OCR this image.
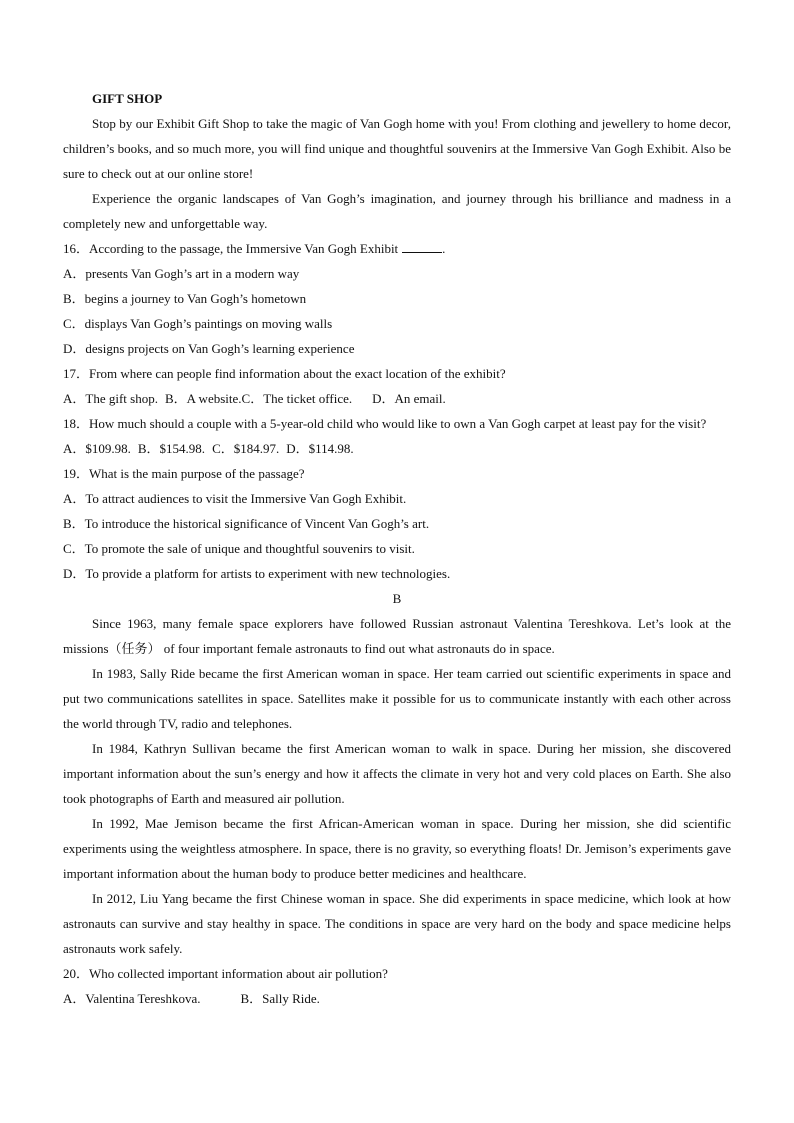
GIFT SHOP

Stop by our Exhibit Gift Shop to take the magic of Van Gogh home with you! From clothing and jewellery to home decor, children’s books, and so much more, you will find unique and thoughtful souvenirs at the Immersive Van Gogh Exhibit. Also be sure to check out at our online store!

Experience the organic landscapes of Van Gogh’s imagination, and journey through his brilliance and madness in a completely new and unforgettable way.

16．According to the passage, the Immersive Van Gogh Exhibit	.

A．presents Van Gogh’s art in a modern way

B．begins a journey to Van Gogh’s hometown

C．displays Van Gogh’s paintings on moving walls

D．designs projects on Van Gogh’s learning experience

17．From where can people find information about the exact location of the exhibit?

A．The gift shop. B．A website.C．The ticket office. D．An email.

18．How much should a couple with a 5-year-old child who would like to own a Van Gogh carpet at least pay for the visit?

A．$109.98. B．$154.98. C．$184.97. D．$114.98.

19．What is the main purpose of the passage?

A．To attract audiences to visit the Immersive Van Gogh Exhibit.

B．To introduce the historical significance of Vincent Van Gogh’s art.

C．To promote the sale of unique and thoughtful souvenirs to visit.

D．To provide a platform for artists to experiment with new technologies.

B

Since 1963, many female space explorers have followed Russian astronaut Valentina Tereshkova. Let’s look at the missions（任务） of four important female astronauts to find out what astronauts do in space.

In 1983, Sally Ride became the first American woman in space. Her team carried out scientific experiments in space and put two communications satellites in space. Satellites make it possible for us to communicate instantly with each other across the world through TV, radio and telephones.

In 1984, Kathryn Sullivan became the first American woman to walk in space. During her mission, she discovered important information about the sun’s energy and how it affects the climate in very hot and very cold places on Earth. She also took photographs of Earth and measured air pollution.

In 1992, Mae Jemison became the first African-American woman in space. During her mission, she did scientific experiments using the weightless atmosphere. In space, there is no gravity, so everything floats! Dr. Jemison’s experiments gave important information about the human body to produce better medicines and healthcare.

In 2012, Liu Yang became the first Chinese woman in space. She did experiments in space medicine, which look at how astronauts can survive and stay healthy in space. The conditions in space are very hard on the body and space medicine helps astronauts work safely.

20．Who collected important information about air pollution?

A．Valentina Tereshkova.	B．Sally Ride.
